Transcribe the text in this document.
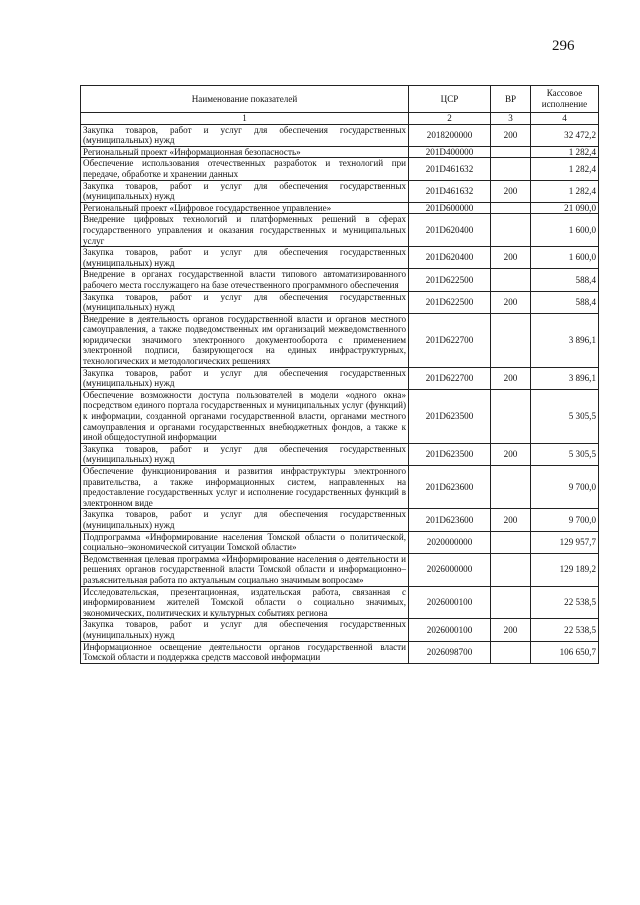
296
Наименование показателей	ЦСР	ВР	Кассовое исполнение
1	2	3	4
Закупка товаров, работ и услуг для обеспечения государственных (муниципальных) нужд	2018200000	200	32 472,2
Региональный проект «Информационная безопасность»	201D400000		1 282,4
Обеспечение использования отечественных разработок и технологий при передаче, обработке и хранении данных	201D461632		1 282,4
Закупка товаров, работ и услуг для обеспечения государственных (муниципальных) нужд	201D461632	200	1 282,4
Региональный проект «Цифровое государственное управление»	201D600000		21 090,0
Внедрение цифровых технологий и платформенных решений в сферах государственного управления и оказания государственных и муниципальных услуг	201D620400		1 600,0
Закупка товаров, работ и услуг для обеспечения государственных (муниципальных) нужд	201D620400	200	1 600,0
Внедрение в органах государственной власти типового автоматизированного рабочего места госслужащего на базе отечественного программного обеспечения	201D622500		588,4
Закупка товаров, работ и услуг для обеспечения государственных (муниципальных) нужд	201D622500	200	588,4
Внедрение в деятельность органов государственной власти и органов местного самоуправления, а также подведомственных им организаций межведомственного юридически значимого электронного документооборота с применением электронной подписи, базирующегося на единых инфраструктурных, технологических и методологических решениях	201D622700		3 896,1
Закупка товаров, работ и услуг для обеспечения государственных (муниципальных) нужд	201D622700	200	3 896,1
Обеспечение возможности доступа пользователей в модели «одного окна» посредством единого портала государственных и муниципальных услуг (функций) к информации, созданной органами государственной власти, органами местного самоуправления и органами государственных внебюджетных фондов, а также к иной общедоступной информации	201D623500		5 305,5
Закупка товаров, работ и услуг для обеспечения государственных (муниципальных) нужд	201D623500	200	5 305,5
Обеспечение функционирования и развития инфраструктуры электронного правительства, а также информационных систем, направленных на предоставление государственных услуг и исполнение государственных функций в электронном виде	201D623600		9 700,0
Закупка товаров, работ и услуг для обеспечения государственных (муниципальных) нужд	201D623600	200	9 700,0
Подпрограмма «Информирование населения Томской области о политической, социально–экономической ситуации Томской области»	2020000000		129 957,7
Ведомственная целевая программа «Информирование населения о деятельности и решениях органов государственной власти Томской области и информационно–разъяснительная работа по актуальным социально значимым вопросам»	2026000000		129 189,2
Исследовательская, презентационная, издательская работа, связанная с информированием жителей Томской области о социально значимых, экономических, политических и культурных событиях региона	2026000100		22 538,5
Закупка товаров, работ и услуг для обеспечения государственных (муниципальных) нужд	2026000100	200	22 538,5
Информационное освещение деятельности органов государственной власти Томской области и поддержка средств массовой информации	2026098700		106 650,7
